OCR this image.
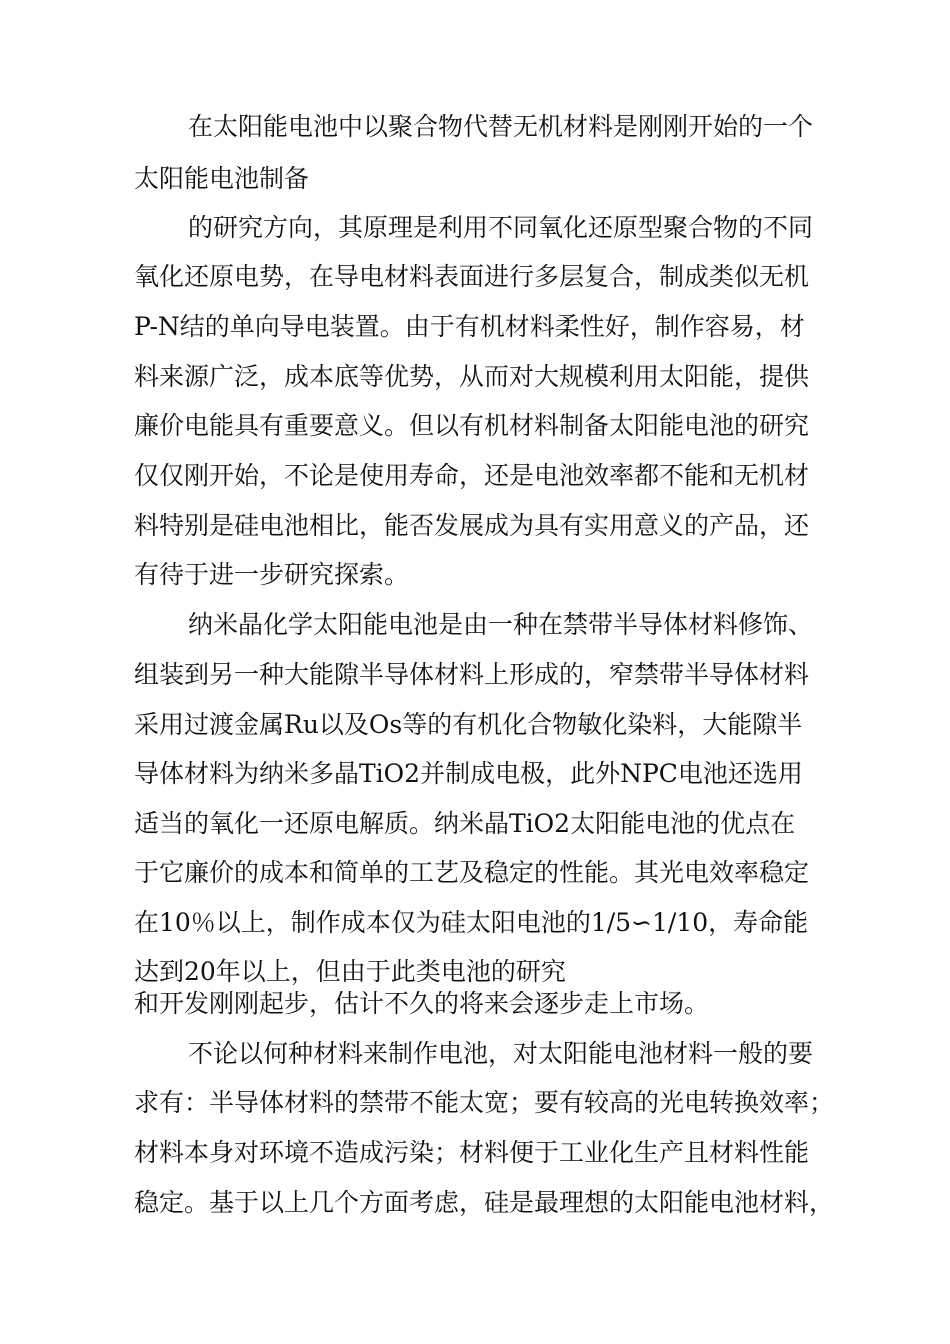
在太阳能电池中以聚合物代替无机材料是刚刚开始的一个
太阳能电池制备
的研究方向，其原理是利用不同氧化还原型聚合物的不同
氧化还原电势，在导电材料表面进行多层复合，制成类似无机
P-N结的单向导电装置。由于有机材料柔性好，制作容易，材
料来源广泛，成本底等优势，从而对大规模利用太阳能，提供
廉价电能具有重要意义。但以有机材料制备太阳能电池的研究
仅仅刚开始，不论是使用寿命，还是电池效率都不能和无机材
料特别是硅电池相比，能否发展成为具有实用意义的产品，还
有待于进一步研究探索。
纳米晶化学太阳能电池是由一种在禁带半导体材料修饰、
组装到另一种大能隙半导体材料上形成的，窄禁带半导体材料
采用过渡金属Ru以及Os等的有机化合物敏化染料，大能隙半
导体材料为纳米多晶TiO2并制成电极，此外NPC电池还选用
适当的氧化一还原电解质。纳米晶TiO2太阳能电池的优点在
于它廉价的成本和简单的工艺及稳定的性能。其光电效率稳定
在10％以上，制作成本仅为硅太阳电池的1/5∽1/10，寿命能
达到20年以上，但由于此类电池的研究
和开发刚刚起步，估计不久的将来会逐步走上市场。
不论以何种材料来制作电池，对太阳能电池材料一般的要
求有：半导体材料的禁带不能太宽；要有较高的光电转换效率；
材料本身对环境不造成污染；材料便于工业化生产且材料性能
稳定。基于以上几个方面考虑，硅是最理想的太阳能电池材料，
